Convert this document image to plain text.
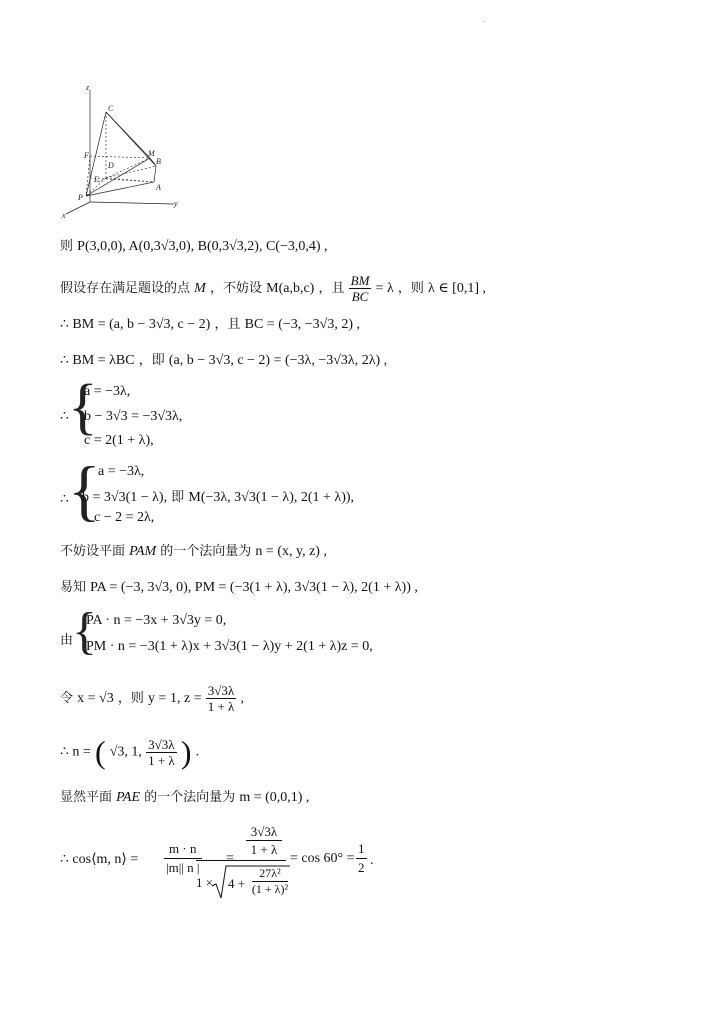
.
z
C
F	M
D	B
E
A
P
x
y
则 P(3,0,0), A(0,3√3,0), B(0,3√3,2), C(−3,0,4) ,
假设存在满足题设的点 M ，不妨设 M(a,b,c) ，且 $\frac{BM}{BC} = \lambda$ ，则 λ ∈ [0,1] ,
∴ BM = (a, b − 3√3, c − 2) ，且 BC = (−3, −3√3, 2) ,
∴ BM = λBC ，即 (a, b − 3√3, c − 2) = (−3λ, −3√3λ, 2λ) ,
∴ {
a = −3λ,
b − 3√3 = −3√3λ,
c = 2(1 + λ),
∴ {
a = −3λ,
b = 3√3(1 − λ), 即 M(−3λ, 3√3(1 − λ), 2(1 + λ)),
c − 2 = 2λ,
不妨设平面 PAM 的一个法向量为 n = (x, y, z) ,
易知 PA = (−3, 3√3, 0), PM = (−3(1 + λ), 3√3(1 − λ), 2(1 + λ)) ,
由
{
PA · n = −3x + 3√3y = 0,
PM · n = −3(1 + λ)x + 3√3(1 − λ)y + 2(1 + λ)z = 0,
令 x = √3 ，则 y = 1, $z = \frac{3√3\lambda}{1 + \lambda}$ ,
∴ n = ( √3, 1, $\frac{3√3\lambda}{1 + \lambda}$ ) .
显然平面 PAE 的一个法向量为 m = (0,0,1) ,
∴ cos⟨m, n⟩ = $\frac{m \cdot n}{|m|| n |}$ =
3√3λ
1 + λ
1 × 4 +
27λ²
(1 + λ)²
= $\cos 60^\circ = \frac{1}{2}$ .
